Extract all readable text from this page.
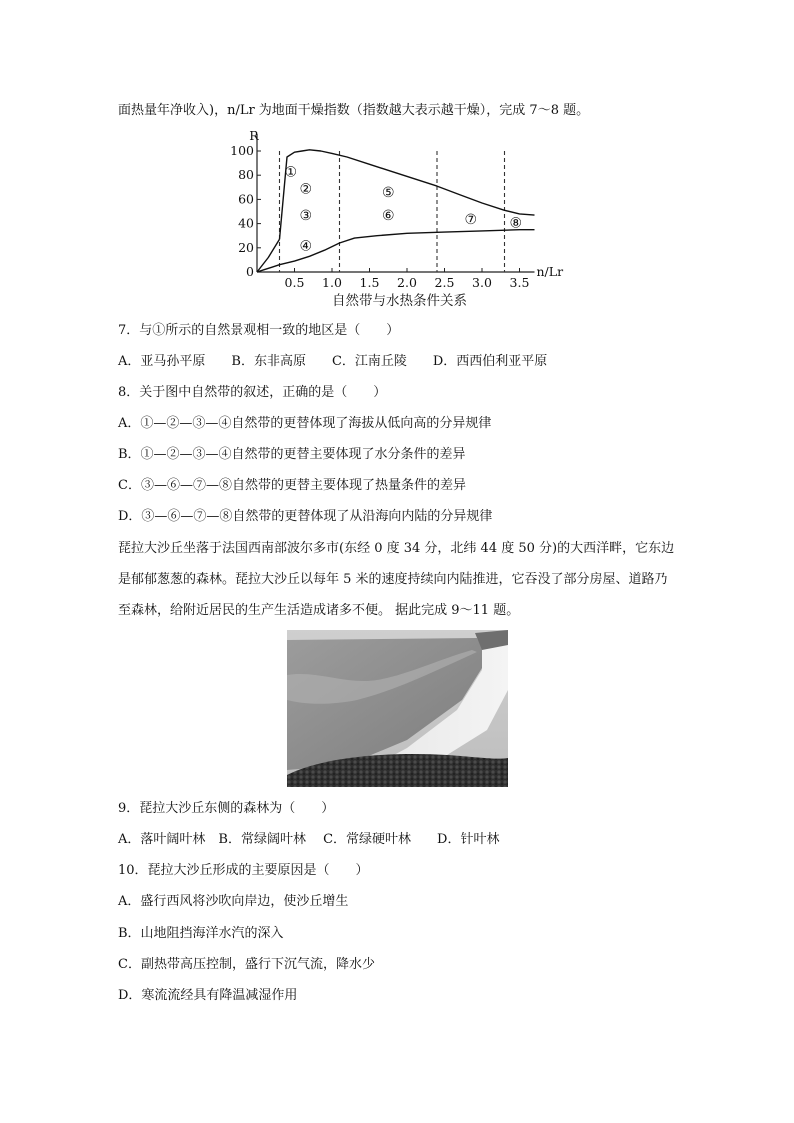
面热量年净收入)，n/Lr 为地面干燥指数（指数越大表示越干燥），完成 7～8 题。
0
20
40
60
80
100
0.5 1.0 1.5 2.0 2.5 3.0 3.5
R
n/Lr
自然带与水热条件关系
①
②
③
④
⑤
⑥	⑦ ⑧
7．与①所示的自然景观相一致的地区是（　　）
A．亚马孙平原　　B．东非高原　　C．江南丘陵　　D．西西伯利亚平原
8．关于图中自然带的叙述，正确的是（　　）
A．①—②—③—④自然带的更替体现了海拔从低向高的分异规律
B．①—②—③—④自然带的更替主要体现了水分条件的差异
C．③—⑥—⑦—⑧自然带的更替主要体现了热量条件的差异
D．③—⑥—⑦—⑧自然带的更替体现了从沿海向内陆的分异规律
琵拉大沙丘坐落于法国西南部波尔多市(东经 0 度 34 分，北纬 44 度 50 分)的大西洋畔，它东边
是郁郁葱葱的森林。琵拉大沙丘以每年 5 米的速度持续向内陆推进，它吞没了部分房屋、道路乃
至森林，给附近居民的生产生活造成诸多不便。 据此完成 9～11 题。
9．琵拉大沙丘东侧的森林为（　　）
A．落叶阔叶林　B．常绿阔叶林　 C．常绿硬叶林　　D．针叶林
10．琵拉大沙丘形成的主要原因是（　　）
A．盛行西风将沙吹向岸边，使沙丘增生
B．山地阻挡海洋水汽的深入
C．副热带高压控制，盛行下沉气流，降水少
D．寒流流经具有降温减湿作用
